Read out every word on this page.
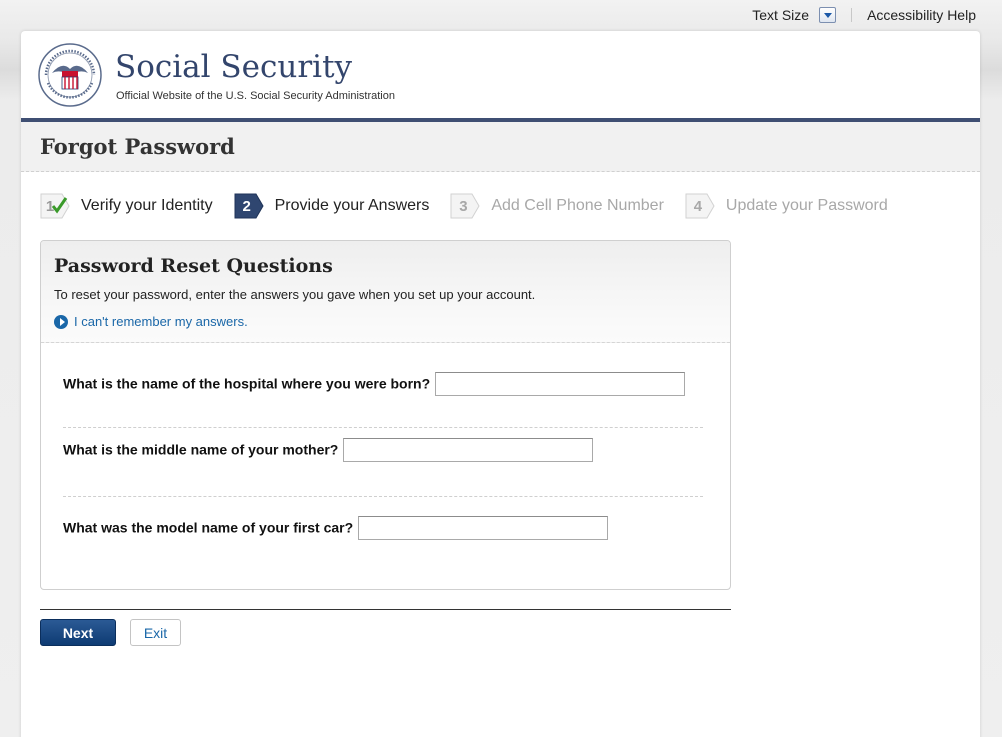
Text Size	Accessibility Help
Social Security
Official Website of the U.S. Social Security Administration
Forgot Password
1 Verify your Identity 2 Provide your Answers 3 Add Cell Phone Number 4 Update your Password
Password Reset Questions

To reset your password, enter the answers you gave when you set up your account.

I can't remember my answers.
What is the name of the hospital where you were born?
What is the middle name of your mother?
What was the model name of your first car?
Next	Exit
